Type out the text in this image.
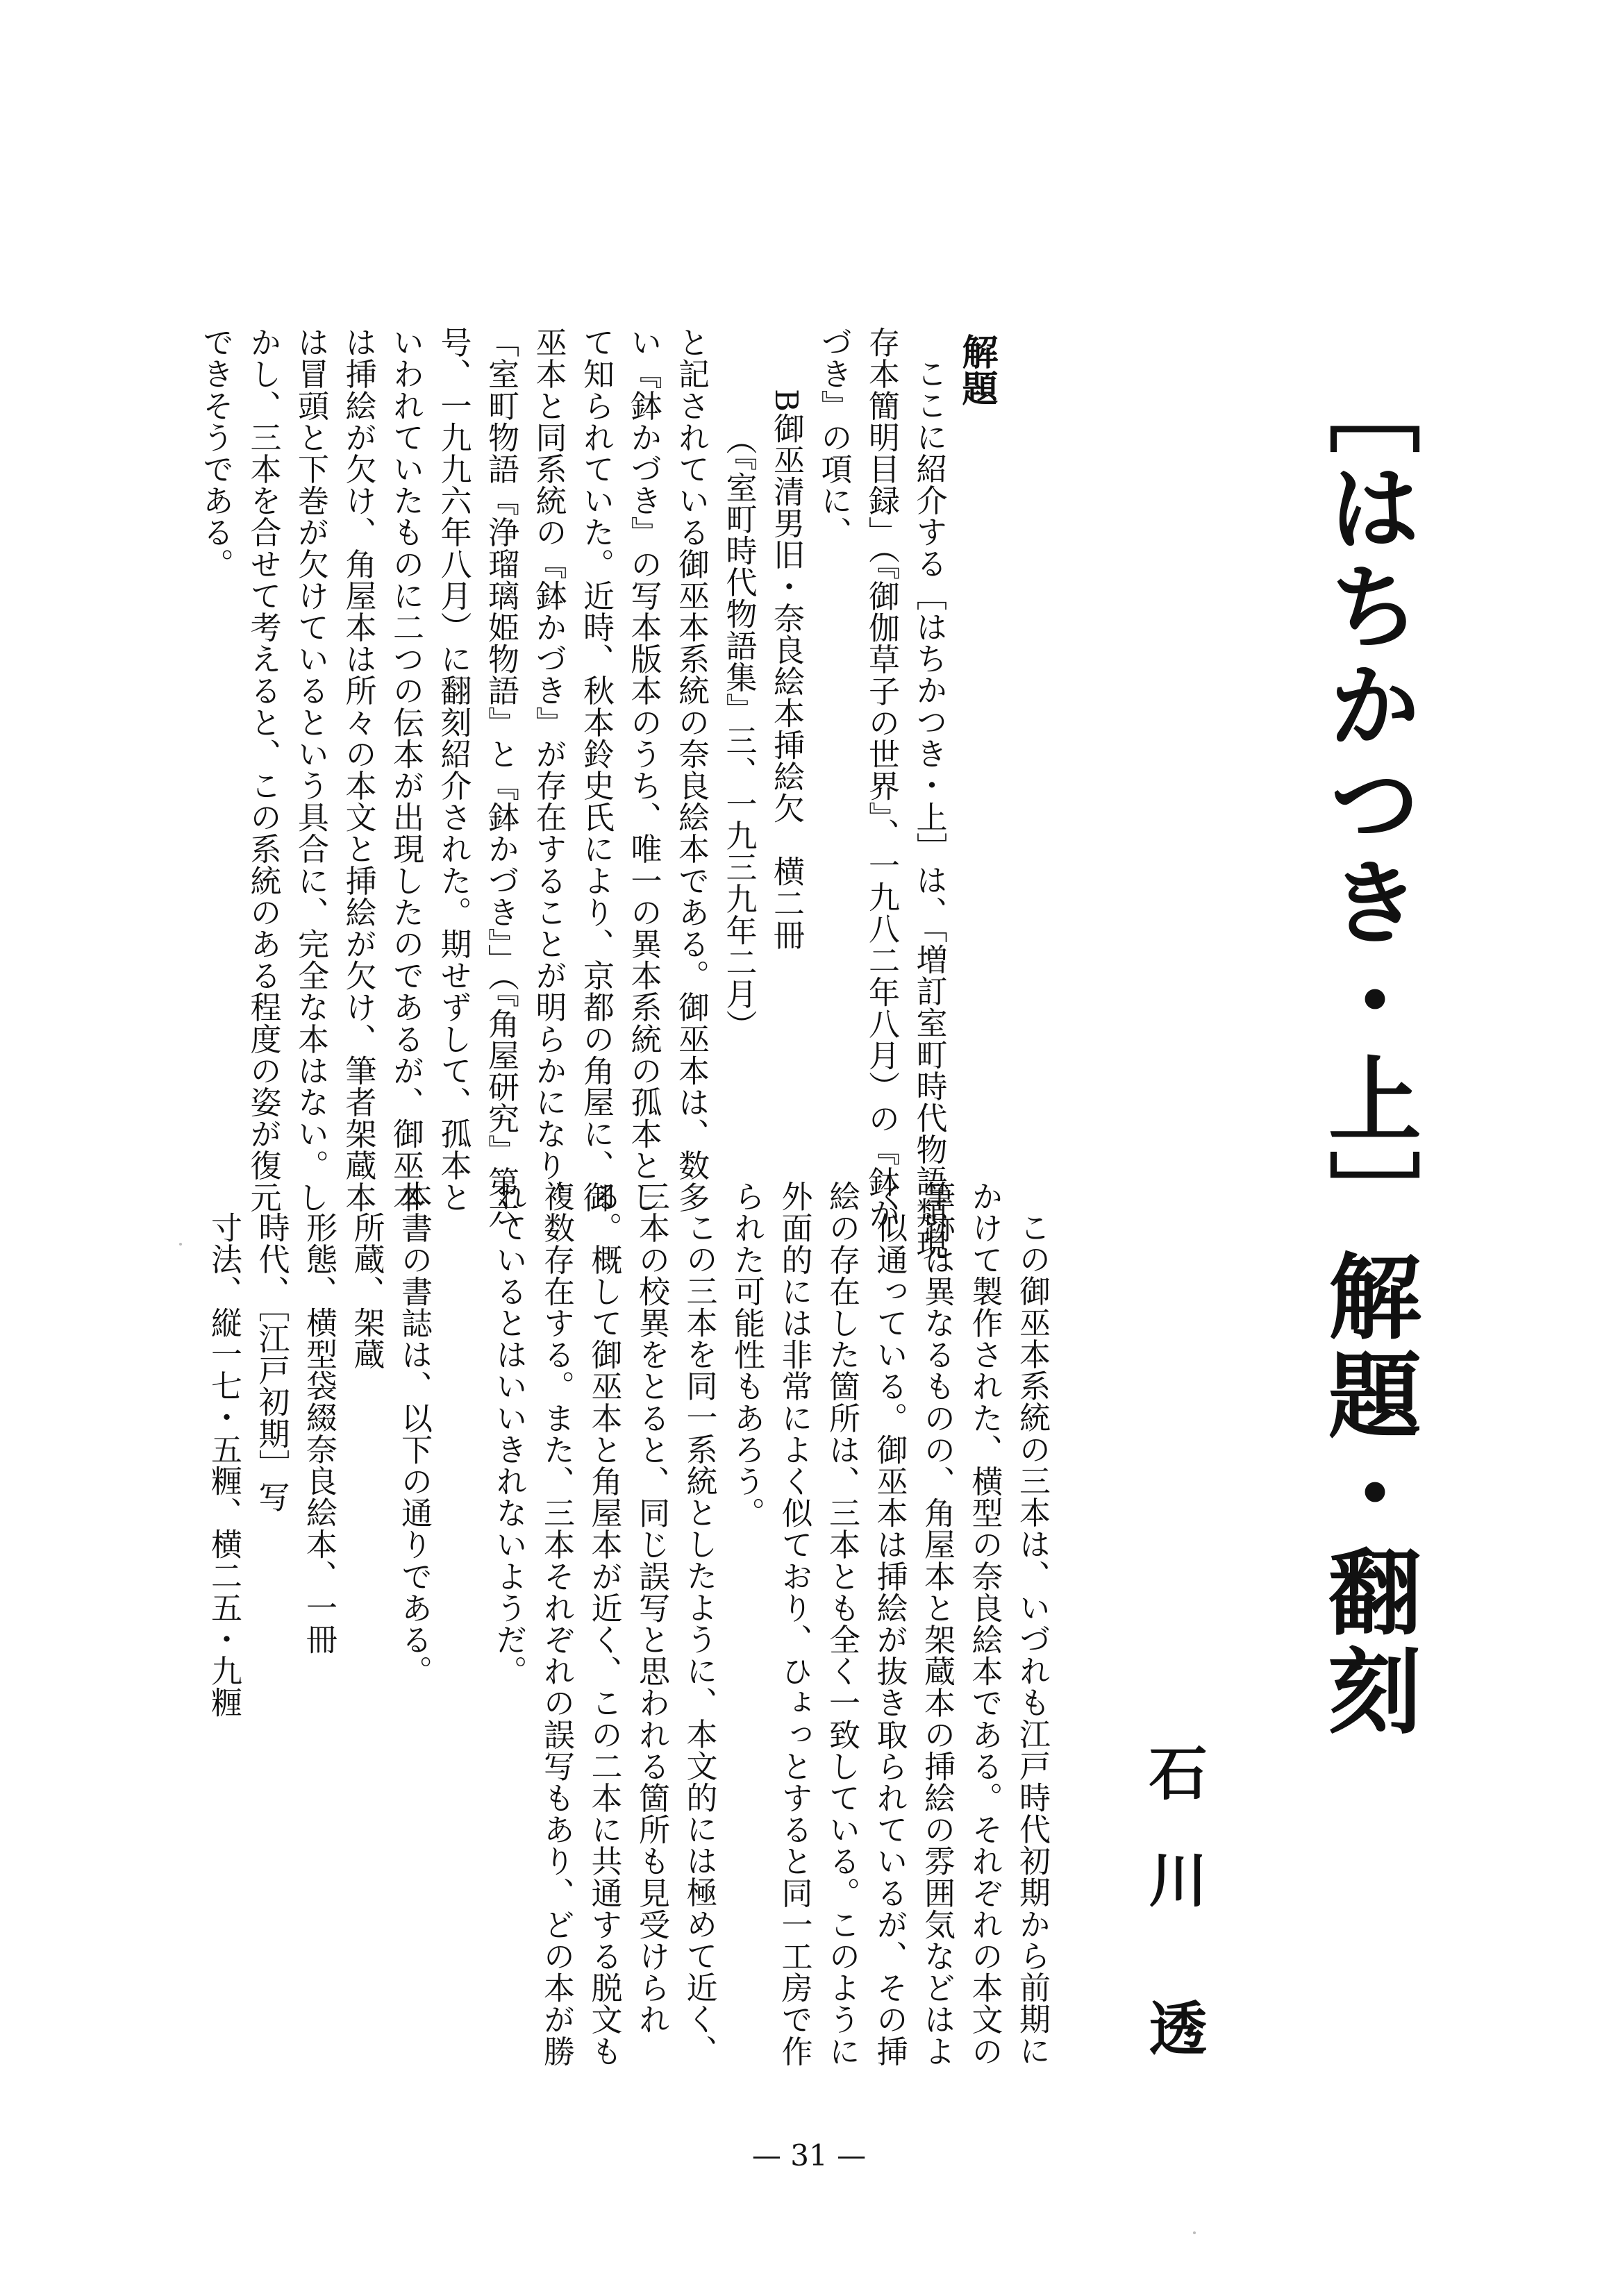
［はちかつき・上］解題・翻刻
石川透
解題
ここに紹介する［はちかつき・上］は、「増訂室町時代物語類現
存本簡明目録」（『御伽草子の世界』、一九八二年八月）の『鉢か
づき』の項に、
B御巫清男旧・奈良絵本挿絵欠　横二冊
（『室町時代物語集』三、一九三九年二月）
と記されている御巫本系統の奈良絵本である。御巫本は、数多
い『鉢かづき』の写本版本のうち、唯一の異本系統の孤本とし
て知られていた。近時、秋本鈴史氏により、京都の角屋に、御
巫本と同系統の『鉢かづき』が存在することが明らかになり、
「室町物語『浄瑠璃姫物語』と『鉢かづき』」（『角屋研究』第六
号、一九九六年八月）に翻刻紹介された。期せずして、孤本と
いわれていたものに二つの伝本が出現したのであるが、御巫本
は挿絵が欠け、角屋本は所々の本文と挿絵が欠け、筆者架蔵本
は冒頭と下巻が欠けているという具合に、完全な本はない。し
かし、三本を合せて考えると、この系統のある程度の姿が復元
できそうである。
この御巫本系統の三本は、いづれも江戸時代初期から前期に
かけて製作された、横型の奈良絵本である。それぞれの本文の
筆跡は異なるものの、角屋本と架蔵本の挿絵の雰囲気などはよ
く似通っている。御巫本は挿絵が抜き取られているが、その挿
絵の存在した箇所は、三本とも全く一致している。このように
外面的には非常によく似ており、ひょっとすると同一工房で作
られた可能性もあろう。
この三本を同一系統としたように、本文的には極めて近く、
三本の校異をとると、同じ誤写と思われる箇所も見受けられ
る。概して御巫本と角屋本が近く、この二本に共通する脱文も
複数存在する。また、三本それぞれの誤写もあり、どの本が勝
れているとはいいきれないようだ。
本書の書誌は、以下の通りである。
所蔵、架蔵
形態、横型袋綴奈良絵本、一冊
時代、［江戸初期］写
寸法、縦一七・五糎、横二五・九糎
— 31 —
